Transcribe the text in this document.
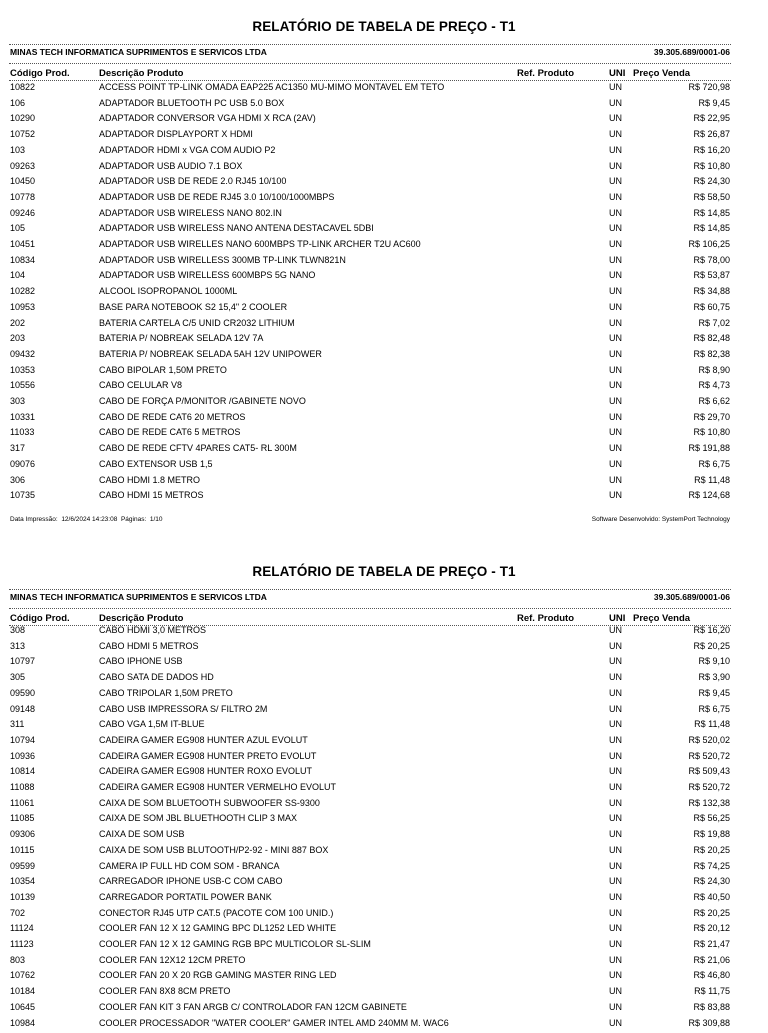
RELATÓRIO DE TABELA DE PREÇO - T1
MINAS TECH INFORMATICA SUPRIMENTOS E SERVICOS LTDA	39.305.689/0001-06
Código Prod.	Descrição Produto	Ref. Produto	UNI Preço Venda
10822	ACCESS POINT TP-LINK OMADA EAP225 AC1350 MU-MIMO MONTAVEL EM TETO	UN	R$ 720,98
106	ADAPTADOR BLUETOOTH PC USB 5.0 BOX	UN	R$ 9,45
10290	ADAPTADOR CONVERSOR VGA HDMI X RCA (2AV)	UN	R$ 22,95
10752	ADAPTADOR DISPLAYPORT X HDMI	UN	R$ 26,87
103	ADAPTADOR HDMI x VGA COM AUDIO P2	UN	R$ 16,20
09263	ADAPTADOR USB AUDIO 7.1 BOX	UN	R$ 10,80
10450	ADAPTADOR USB DE REDE 2.0 RJ45 10/100	UN	R$ 24,30
10778	ADAPTADOR USB DE REDE RJ45 3.0 10/100/1000MBPS	UN	R$ 58,50
09246	ADAPTADOR USB WIRELESS NANO 802.IN	UN	R$ 14,85
105	ADAPTADOR USB WIRELESS NANO ANTENA DESTACAVEL 5DBI	UN	R$ 14,85
10451	ADAPTADOR USB WIRELLES NANO 600MBPS TP-LINK ARCHER T2U AC600	UN	R$ 106,25
10834	ADAPTADOR USB WIRELLESS 300MB TP-LINK TLWN821N	UN	R$ 78,00
104	ADAPTADOR USB WIRELLESS 600MBPS 5G NANO	UN	R$ 53,87
10282	ALCOOL ISOPROPANOL 1000ML	UN	R$ 34,88
10953	BASE PARA NOTEBOOK S2 15,4" 2 COOLER	UN	R$ 60,75
202	BATERIA CARTELA C/5 UNID CR2032 LITHIUM	UN	R$ 7,02
203	BATERIA P/ NOBREAK SELADA 12V 7A	UN	R$ 82,48
09432	BATERIA P/ NOBREAK SELADA 5AH 12V UNIPOWER	UN	R$ 82,38
10353	CABO BIPOLAR 1,50M PRETO	UN	R$ 8,90
10556	CABO CELULAR V8	UN	R$ 4,73
303	CABO DE FORÇA P/MONITOR /GABINETE NOVO	UN	R$ 6,62
10331	CABO DE REDE CAT6 20 METROS	UN	R$ 29,70
11033	CABO DE REDE CAT6 5 METROS	UN	R$ 10,80
317	CABO DE REDE CFTV 4PARES CAT5- RL 300M	UN	R$ 191,88
09076	CABO EXTENSOR USB 1,5	UN	R$ 6,75
306	CABO HDMI 1.8 METRO	UN	R$ 11,48
10735	CABO HDMI 15 METROS	UN	R$ 124,68
Data Impressão: 12/6/2024 14:23:08 Páginas: 1/10	Software Desenvolvido: SystemPort Technology
RELATÓRIO DE TABELA DE PREÇO - T1
MINAS TECH INFORMATICA SUPRIMENTOS E SERVICOS LTDA	39.305.689/0001-06
Código Prod.	Descrição Produto	Ref. Produto	UNI Preço Venda
308	CABO HDMI 3,0 METROS	UN	R$ 16,20
313	CABO HDMI 5 METROS	UN	R$ 20,25
10797	CABO IPHONE USB	UN	R$ 9,10
305	CABO SATA DE DADOS HD	UN	R$ 3,90
09590	CABO TRIPOLAR 1,50M PRETO	UN	R$ 9,45
09148	CABO USB IMPRESSORA S/ FILTRO 2M	UN	R$ 6,75
311	CABO VGA 1,5M IT-BLUE	UN	R$ 11,48
10794	CADEIRA GAMER EG908 HUNTER AZUL EVOLUT	UN	R$ 520,02
10936	CADEIRA GAMER EG908 HUNTER PRETO EVOLUT	UN	R$ 520,72
10814	CADEIRA GAMER EG908 HUNTER ROXO EVOLUT	UN	R$ 509,43
11088	CADEIRA GAMER EG908 HUNTER VERMELHO EVOLUT	UN	R$ 520,72
11061	CAIXA DE SOM BLUETOOTH SUBWOOFER SS-9300	UN	R$ 132,38
11085	CAIXA DE SOM JBL BLUETHOOTH CLIP 3 MAX	UN	R$ 56,25
09306	CAIXA DE SOM USB	UN	R$ 19,88
10115	CAIXA DE SOM USB BLUTOOTH/P2-92 - MINI 887 BOX	UN	R$ 20,25
09599	CAMERA IP FULL HD COM SOM - BRANCA	UN	R$ 74,25
10354	CARREGADOR IPHONE USB-C COM CABO	UN	R$ 24,30
10139	CARREGADOR PORTATIL POWER BANK	UN	R$ 40,50
702	CONECTOR RJ45 UTP CAT.5 (PACOTE COM 100 UNID.)	UN	R$ 20,25
11124	COOLER FAN 12 X 12 GAMING BPC DL1252 LED WHITE	UN	R$ 20,12
11123	COOLER FAN 12 X 12 GAMING RGB BPC MULTICOLOR SL-SLIM	UN	R$ 21,47
803	COOLER FAN 12X12 12CM PRETO	UN	R$ 21,06
10762	COOLER FAN 20 X 20 RGB GAMING MASTER RING LED	UN	R$ 46,80
10184	COOLER FAN 8X8 8CM PRETO	UN	R$ 11,75
10645	COOLER FAN KIT 3 FAN ARGB C/ CONTROLADOR FAN 12CM GABINETE	UN	R$ 83,88
10984	COOLER PROCESSADOR "WATER COOLER" GAMER INTEL AMD 240MM M. WAC6	UN	R$ 309,88
